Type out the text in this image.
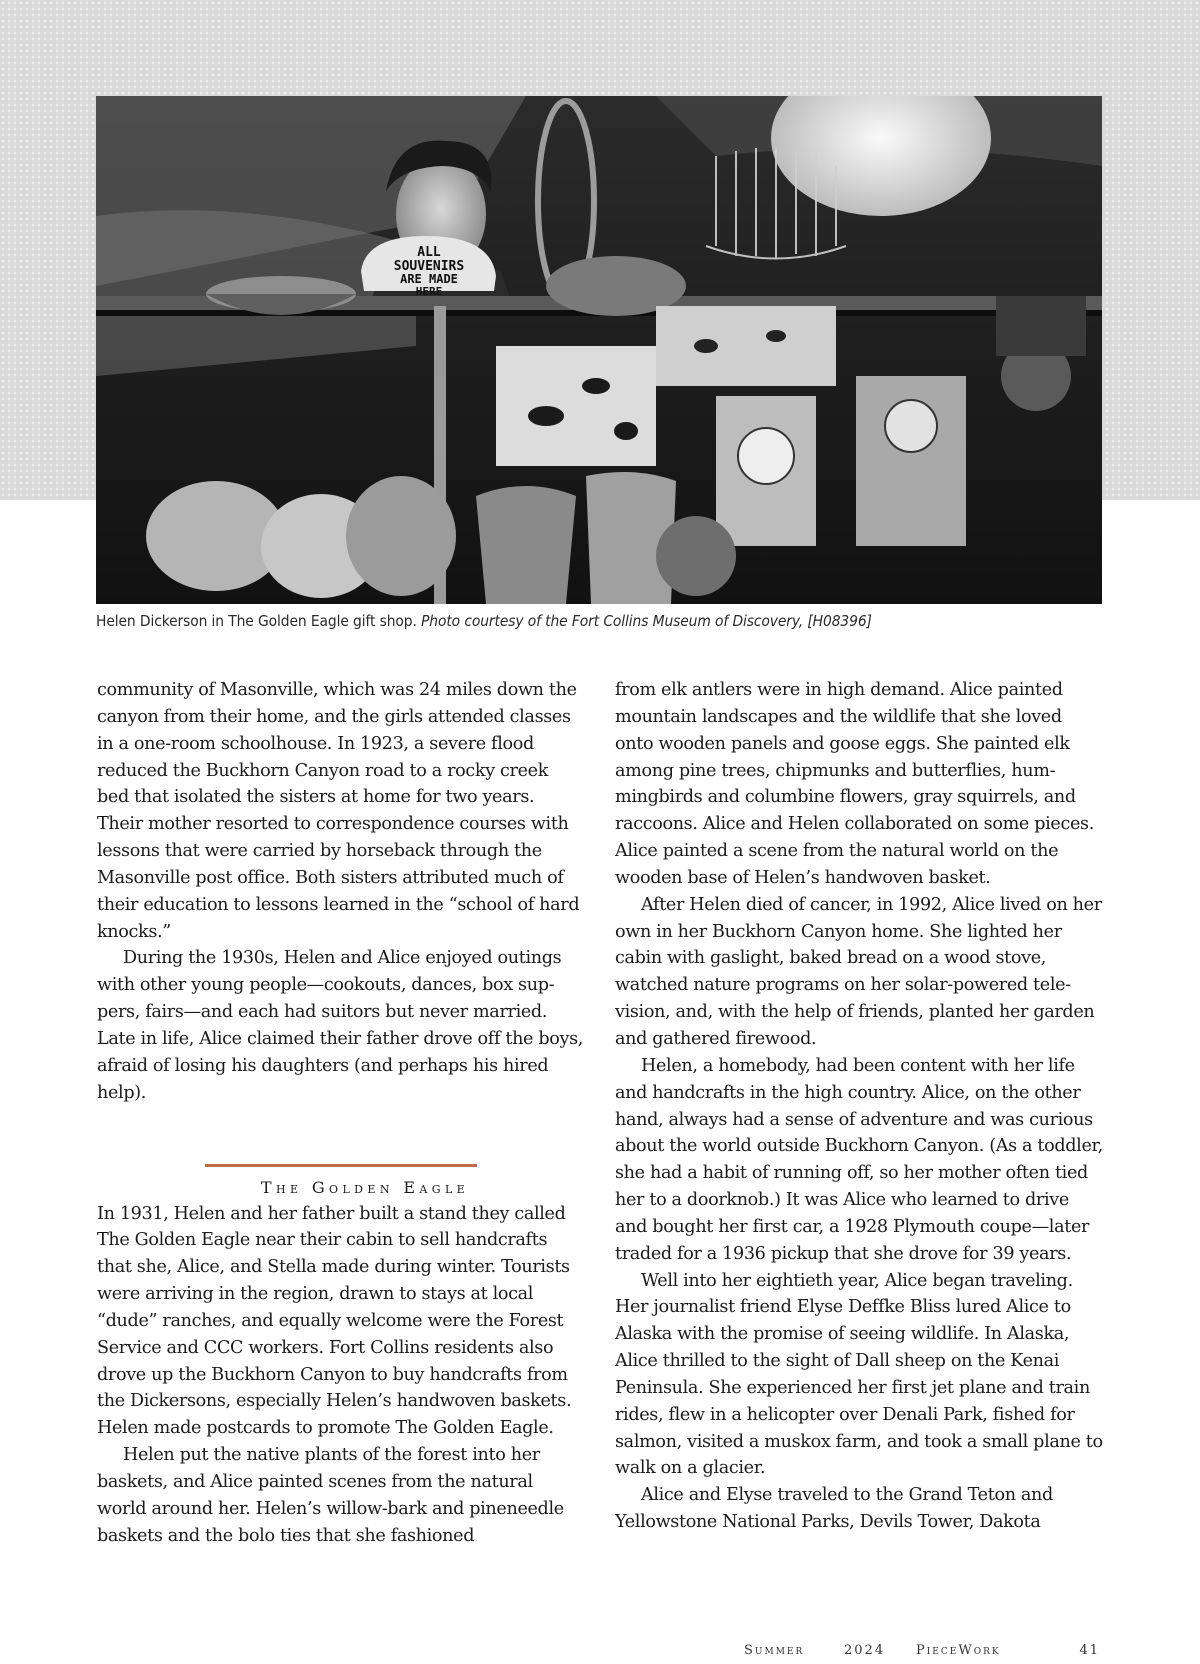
ALL
SOUVENIRS
ARE MADE
HERE
Helen Dickerson in The Golden Eagle gift shop. Photo courtesy of the Fort Collins Museum of Discovery, [H08396]

community of Masonville, which was 24 miles down the canyon from their home, and the girls attended classes in a one-room schoolhouse. In 1923, a severe flood reduced the Buckhorn Canyon road to a rocky creek bed that isolated the sisters at home for two years. Their mother resorted to correspondence courses with lessons that were carried by horseback through the Masonville post office. Both sisters attributed much of their education to lessons learned in the “school of hard knocks.”

During the 1930s, Helen and Alice enjoyed outings with other young people—cookouts, dances, box suppers, fairs—and each had suitors but never married. Late in life, Alice claimed their father drove off the boys, afraid of losing his daughters (and perhaps his hired help).

The Golden Eagle

In 1931, Helen and her father built a stand they called The Golden Eagle near their cabin to sell handcrafts that she, Alice, and Stella made during winter. Tourists were arriving in the region, drawn to stays at local “dude” ranches, and equally welcome were the Forest Service and CCC workers. Fort Collins residents also drove up the Buckhorn Canyon to buy handcrafts from the Dickersons, especially Helen’s handwoven baskets. Helen made postcards to promote The Golden Eagle.

Helen put the native plants of the forest into her baskets, and Alice painted scenes from the natural world around her. Helen’s willow-bark and pineneedle baskets and the bolo ties that she fashioned

from elk antlers were in high demand. Alice painted mountain landscapes and the wildlife that she loved onto wooden panels and goose eggs. She painted elk among pine trees, chipmunks and butterflies, hummingbirds and columbine flowers, gray squirrels, and raccoons. Alice and Helen collaborated on some pieces. Alice painted a scene from the natural world on the wooden base of Helen’s handwoven basket.

After Helen died of cancer, in 1992, Alice lived on her own in her Buckhorn Canyon home. She lighted her cabin with gaslight, baked bread on a wood stove, watched nature programs on her solar-powered television, and, with the help of friends, planted her garden and gathered firewood.

Helen, a homebody, had been content with her life and handcrafts in the high country. Alice, on the other hand, always had a sense of adventure and was curious about the world outside Buckhorn Canyon. (As a toddler, she had a habit of running off, so her mother often tied her to a doorknob.) It was Alice who learned to drive and bought her first car, a 1928 Plymouth coupe—later traded for a 1936 pickup that she drove for 39 years.

Well into her eightieth year, Alice began traveling. Her journalist friend Elyse Deffke Bliss lured Alice to Alaska with the promise of seeing wildlife. In Alaska, Alice thrilled to the sight of Dall sheep on the Kenai Peninsula. She experienced her first jet plane and train rides, flew in a helicopter over Denali Park, fished for salmon, visited a muskox farm, and took a small plane to walk on a glacier.

Alice and Elyse traveled to the Grand Teton and Yellowstone National Parks, Devils Tower, Dakota

Summer	2024 PieceWork	41
